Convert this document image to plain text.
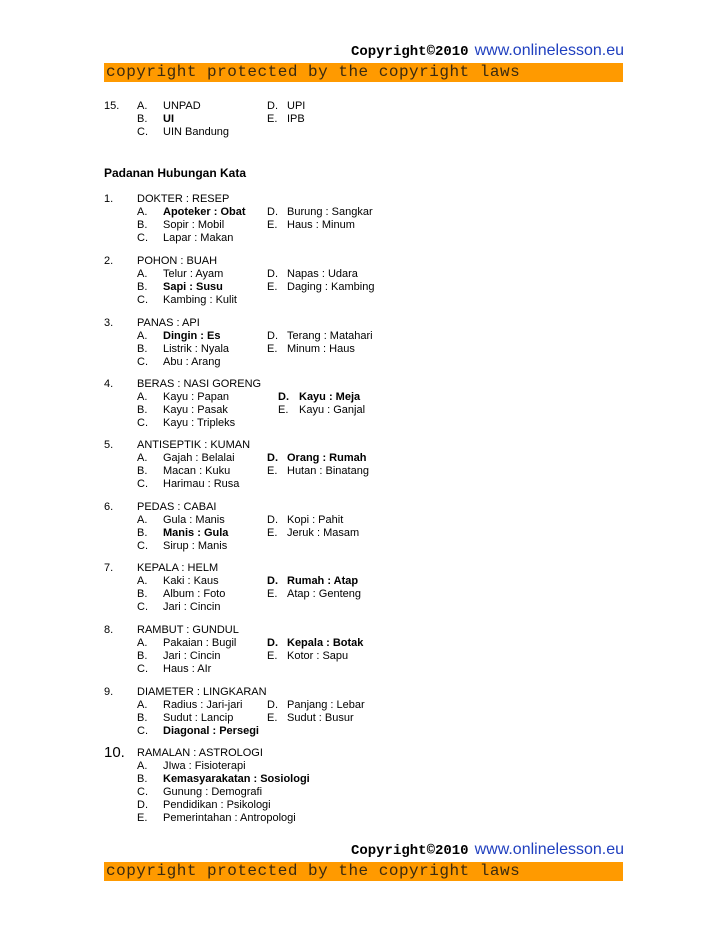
Copyright©2010 www.onlinelesson.eu
copyright protected by the copyright laws
15. A. UNPAD
B. UI
C. UIN Bandung
D. UPI
E. IPB
Padanan Hubungan Kata
1. DOKTER : RESEP
A. Apoteker : Obat
B. Sopir : Mobil
C. Lapar : Makan
D. Burung : Sangkar
E. Haus : Minum
2. POHON : BUAH
A. Telur : Ayam
B. Sapi : Susu
C. Kambing : Kulit
D. Napas : Udara
E. Daging : Kambing
3. PANAS : API
A. Dingin : Es
B. Listrik : Nyala
C. Abu : Arang
D. Terang : Matahari
E. Minum : Haus
4. BERAS : NASI GORENG
A. Kayu : Papan
B. Kayu : Pasak
C. Kayu : Tripleks
D. Kayu : Meja
E. Kayu : Ganjal
5. ANTISEPTIK : KUMAN
A. Gajah : Belalai
B. Macan : Kuku
C. Harimau : Rusa
D. Orang : Rumah
E. Hutan : Binatang
6. PEDAS : CABAI
A. Gula : Manis
B. Manis : Gula
C. Sirup : Manis
D. Kopi : Pahit
E. Jeruk : Masam
7. KEPALA : HELM
A. Kaki : Kaus
B. Album : Foto
C. Jari : Cincin
D. Rumah : Atap
E. Atap : Genteng
8. RAMBUT : GUNDUL
A. Pakaian : Bugil
B. Jari : Cincin
C. Haus : AIr
D. Kepala : Botak
E. Kotor : Sapu
9. DIAMETER : LINGKARAN
A. Radius : Jari-jari
B. Sudut : Lancip
C. Diagonal : Persegi
D. Panjang : Lebar
E. Sudut : Busur
10. RAMALAN : ASTROLOGI
A. JIwa : Fisioterapi
B. Kemasyarakatan : Sosiologi
C. Gunung : Demografi
D. Pendidikan : Psikologi
E. Pemerintahan : Antropologi
Copyright©2010 www.onlinelesson.eu
copyright protected by the copyright laws
